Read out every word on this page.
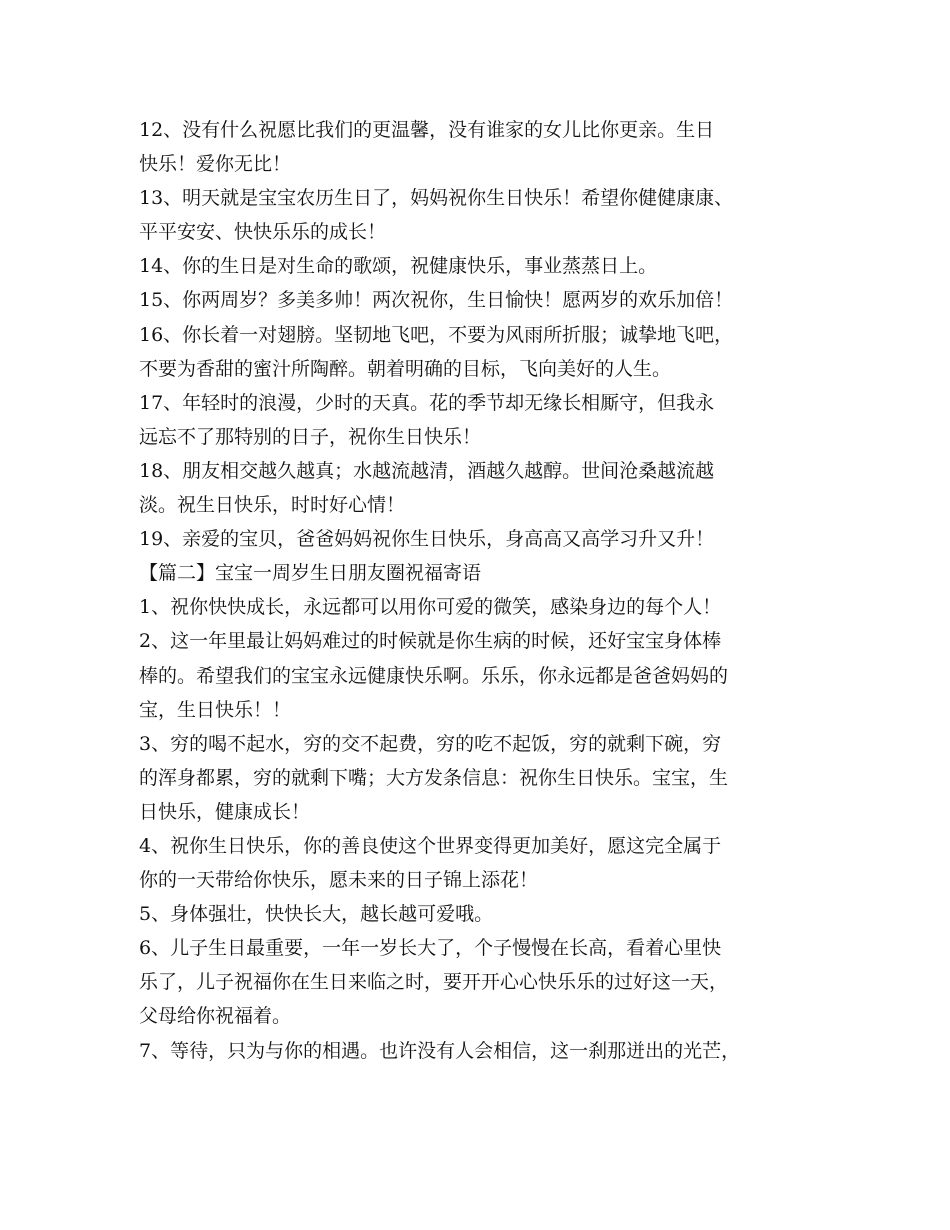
12、没有什么祝愿比我们的更温馨，没有谁家的女儿比你更亲。生日
快乐！爱你无比！
13、明天就是宝宝农历生日了，妈妈祝你生日快乐！希望你健健康康、
平平安安、快快乐乐的成长！
14、你的生日是对生命的歌颂，祝健康快乐，事业蒸蒸日上。
15、你两周岁？多美多帅！两次祝你，生日愉快！愿两岁的欢乐加倍！
16、你长着一对翅膀。坚韧地飞吧，不要为风雨所折服；诚挚地飞吧，
不要为香甜的蜜汁所陶醉。朝着明确的目标，飞向美好的人生。
17、年轻时的浪漫，少时的天真。花的季节却无缘长相厮守，但我永
远忘不了那特别的日子，祝你生日快乐！
18、朋友相交越久越真；水越流越清，酒越久越醇。世间沧桑越流越
淡。祝生日快乐，时时好心情！
19、亲爱的宝贝，爸爸妈妈祝你生日快乐，身高高又高学习升又升！
【篇二】宝宝一周岁生日朋友圈祝福寄语
1、祝你快快成长，永远都可以用你可爱的微笑，感染身边的每个人！
2、这一年里最让妈妈难过的时候就是你生病的时候，还好宝宝身体棒
棒的。希望我们的宝宝永远健康快乐啊。乐乐，你永远都是爸爸妈妈的
宝，生日快乐！！
3、穷的喝不起水，穷的交不起费，穷的吃不起饭，穷的就剩下碗，穷
的浑身都累，穷的就剩下嘴；大方发条信息：祝你生日快乐。宝宝，生
日快乐，健康成长！
4、祝你生日快乐，你的善良使这个世界变得更加美好，愿这完全属于
你的一天带给你快乐，愿未来的日子锦上添花！
5、身体强壮，快快长大，越长越可爱哦。
6、儿子生日最重要，一年一岁长大了，个子慢慢在长高，看着心里快
乐了，儿子祝福你在生日来临之时，要开开心心快乐乐的过好这一天，
父母给你祝福着。
7、等待，只为与你的相遇。也许没有人会相信，这一刹那迸出的光芒，
